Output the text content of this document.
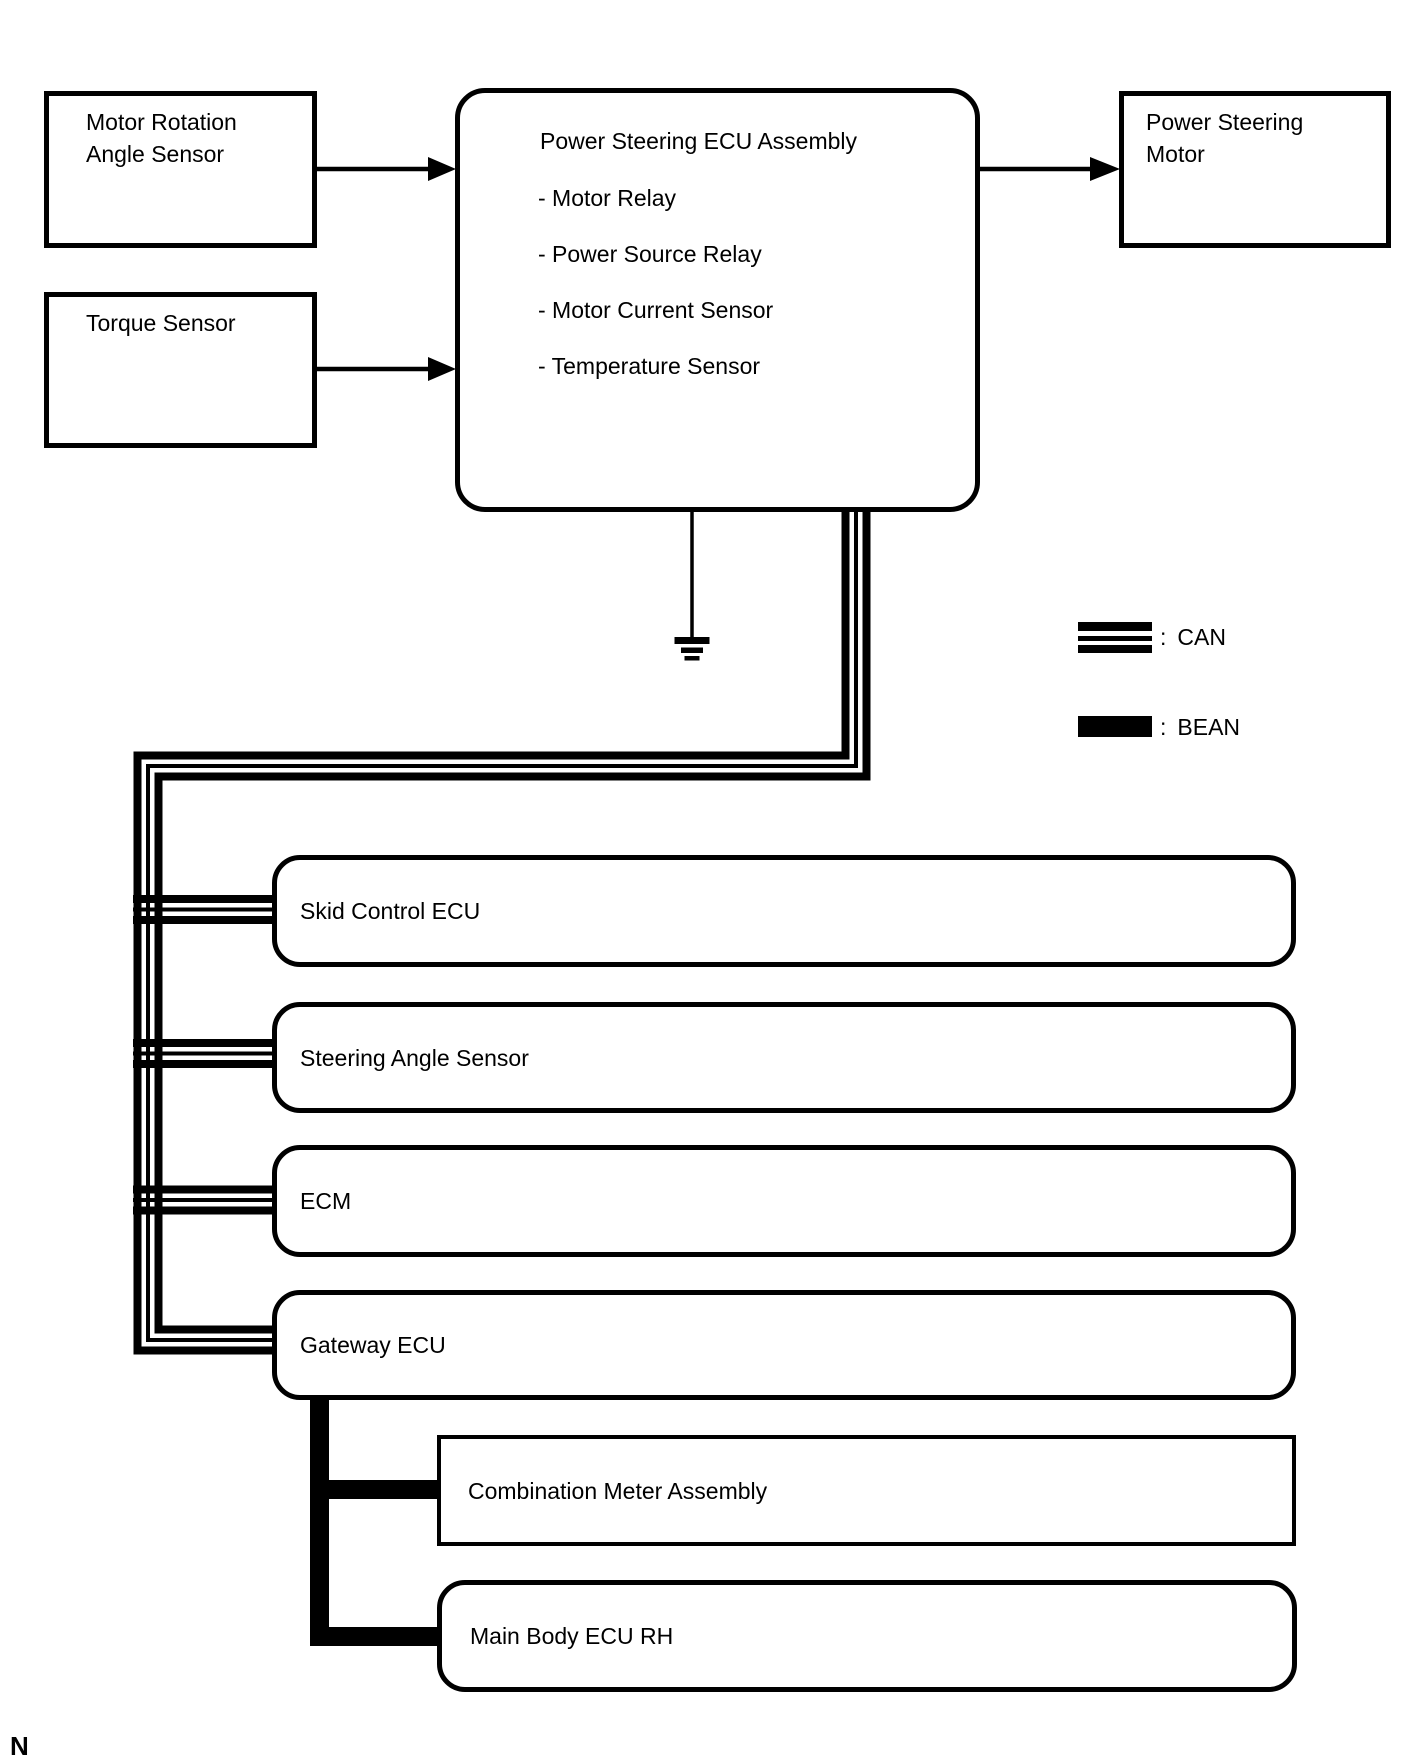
Motor Rotation
Angle Sensor
Torque Sensor
Power Steering ECU Assembly
- Motor Relay
- Power Source Relay
- Motor Current Sensor
- Temperature Sensor
Power Steering
Motor
Skid Control ECU
Steering Angle Sensor
ECM
Gateway ECU
Combination Meter Assembly
Main Body ECU RH
: CAN
: BEAN
N
